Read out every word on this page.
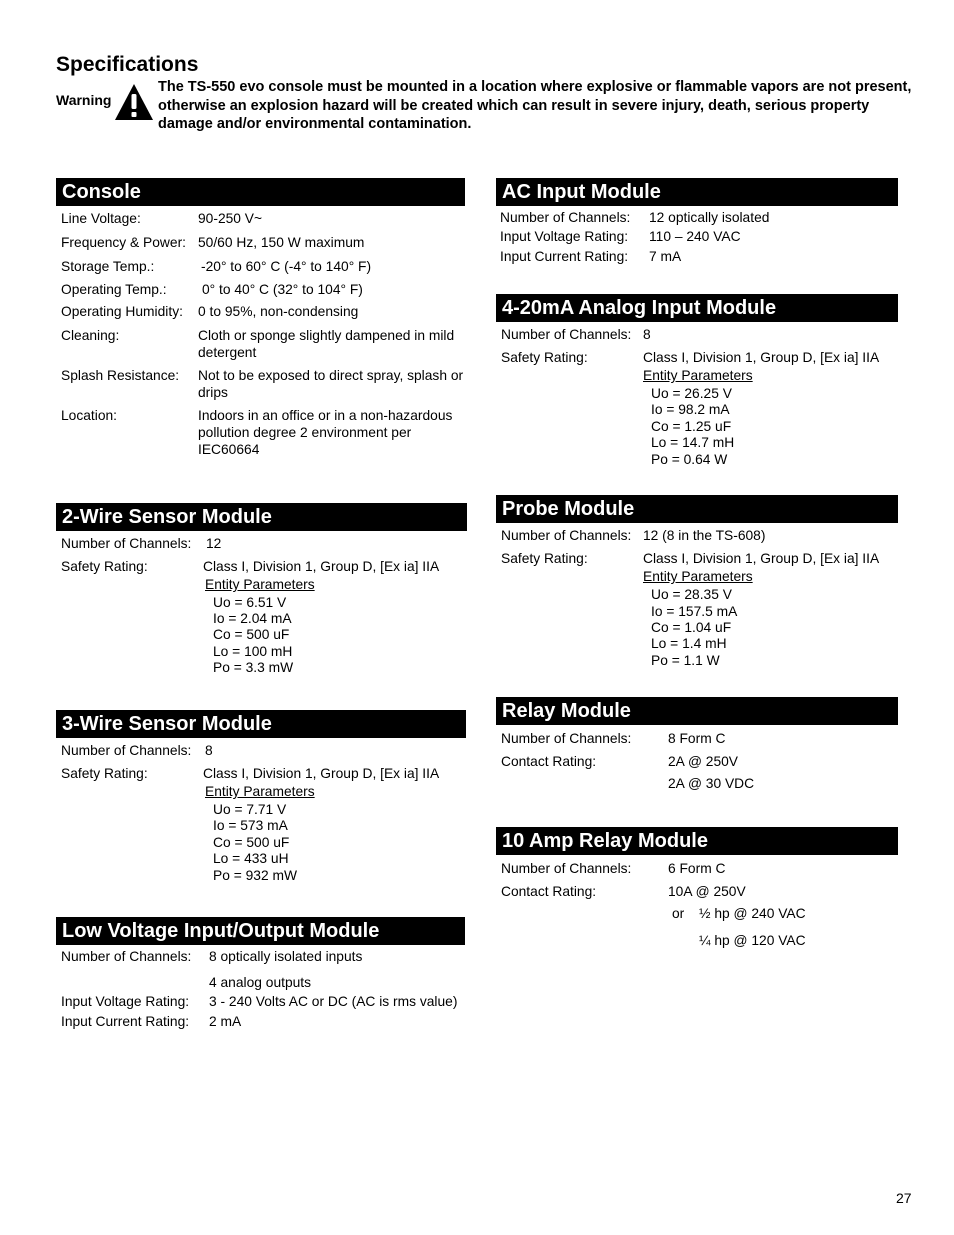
Specifications
Warning
The TS-550 evo console must be mounted in a location where explosive or flammable vapors are not present, otherwise an explosion hazard will be created which can result in severe injury, death, serious property damage and/or environmental contamination.
Console
Line Voltage:	90-250 V~
Frequency & Power: 50/60 Hz, 150 W maximum
Storage Temp.:	-20° to 60° C (-4° to 140° F)
Operating Temp.:	0° to 40° C (32° to 104° F)
Operating Humidity: 0 to 95%, non-condensing
Cleaning:	Cloth or sponge slightly dampened in mild detergent
Splash Resistance: Not to be exposed to direct spray, splash or drips
Location:	Indoors in an office or in a non-hazardous pollution degree 2 environment per IEC60664
2-Wire Sensor Module
Number of Channels: 12
Safety Rating:	Class I, Division 1, Group D, [Ex ia] IIA
Entity Parameters
Uo = 6.51 V
Io = 2.04 mA
Co = 500 uF
Lo = 100 mH
Po = 3.3 mW
3-Wire Sensor Module
Number of Channels: 8
Safety Rating:	Class I, Division 1, Group D, [Ex ia] IIA
Entity Parameters
Uo = 7.71 V
Io = 573 mA
Co = 500 uF
Lo = 433 uH
Po = 932 mW
Low Voltage Input/Output Module
Number of Channels: 8 optically isolated inputs
4 analog outputs
Input Voltage Rating: 3 - 240 Volts AC or DC (AC is rms value)
Input Current Rating: 2 mA
AC Input Module
Number of Channels: 12 optically isolated
Input Voltage Rating: 110 – 240 VAC
Input Current Rating: 7 mA
4-20mA Analog Input Module
Number of Channels: 8
Safety Rating:	Class I, Division 1, Group D, [Ex ia] IIA
Entity Parameters
Uo = 26.25 V
Io = 98.2 mA
Co = 1.25 uF
Lo = 14.7 mH
Po = 0.64 W
Probe Module
Number of Channels: 12 (8 in the TS-608)
Safety Rating:	Class I, Division 1, Group D, [Ex ia] IIA
Entity Parameters
Uo = 28.35 V
Io = 157.5 mA
Co = 1.04 uF
Lo = 1.4 mH
Po = 1.1 W
Relay Module
Number of Channels:	8 Form C
Contact Rating:	2A @ 250V
2A @ 30 VDC
10 Amp Relay Module
Number of Channels:	6 Form C
Contact Rating:	10A @ 250V
or ½ hp @ 240 VAC
¼ hp @ 120 VAC
27
